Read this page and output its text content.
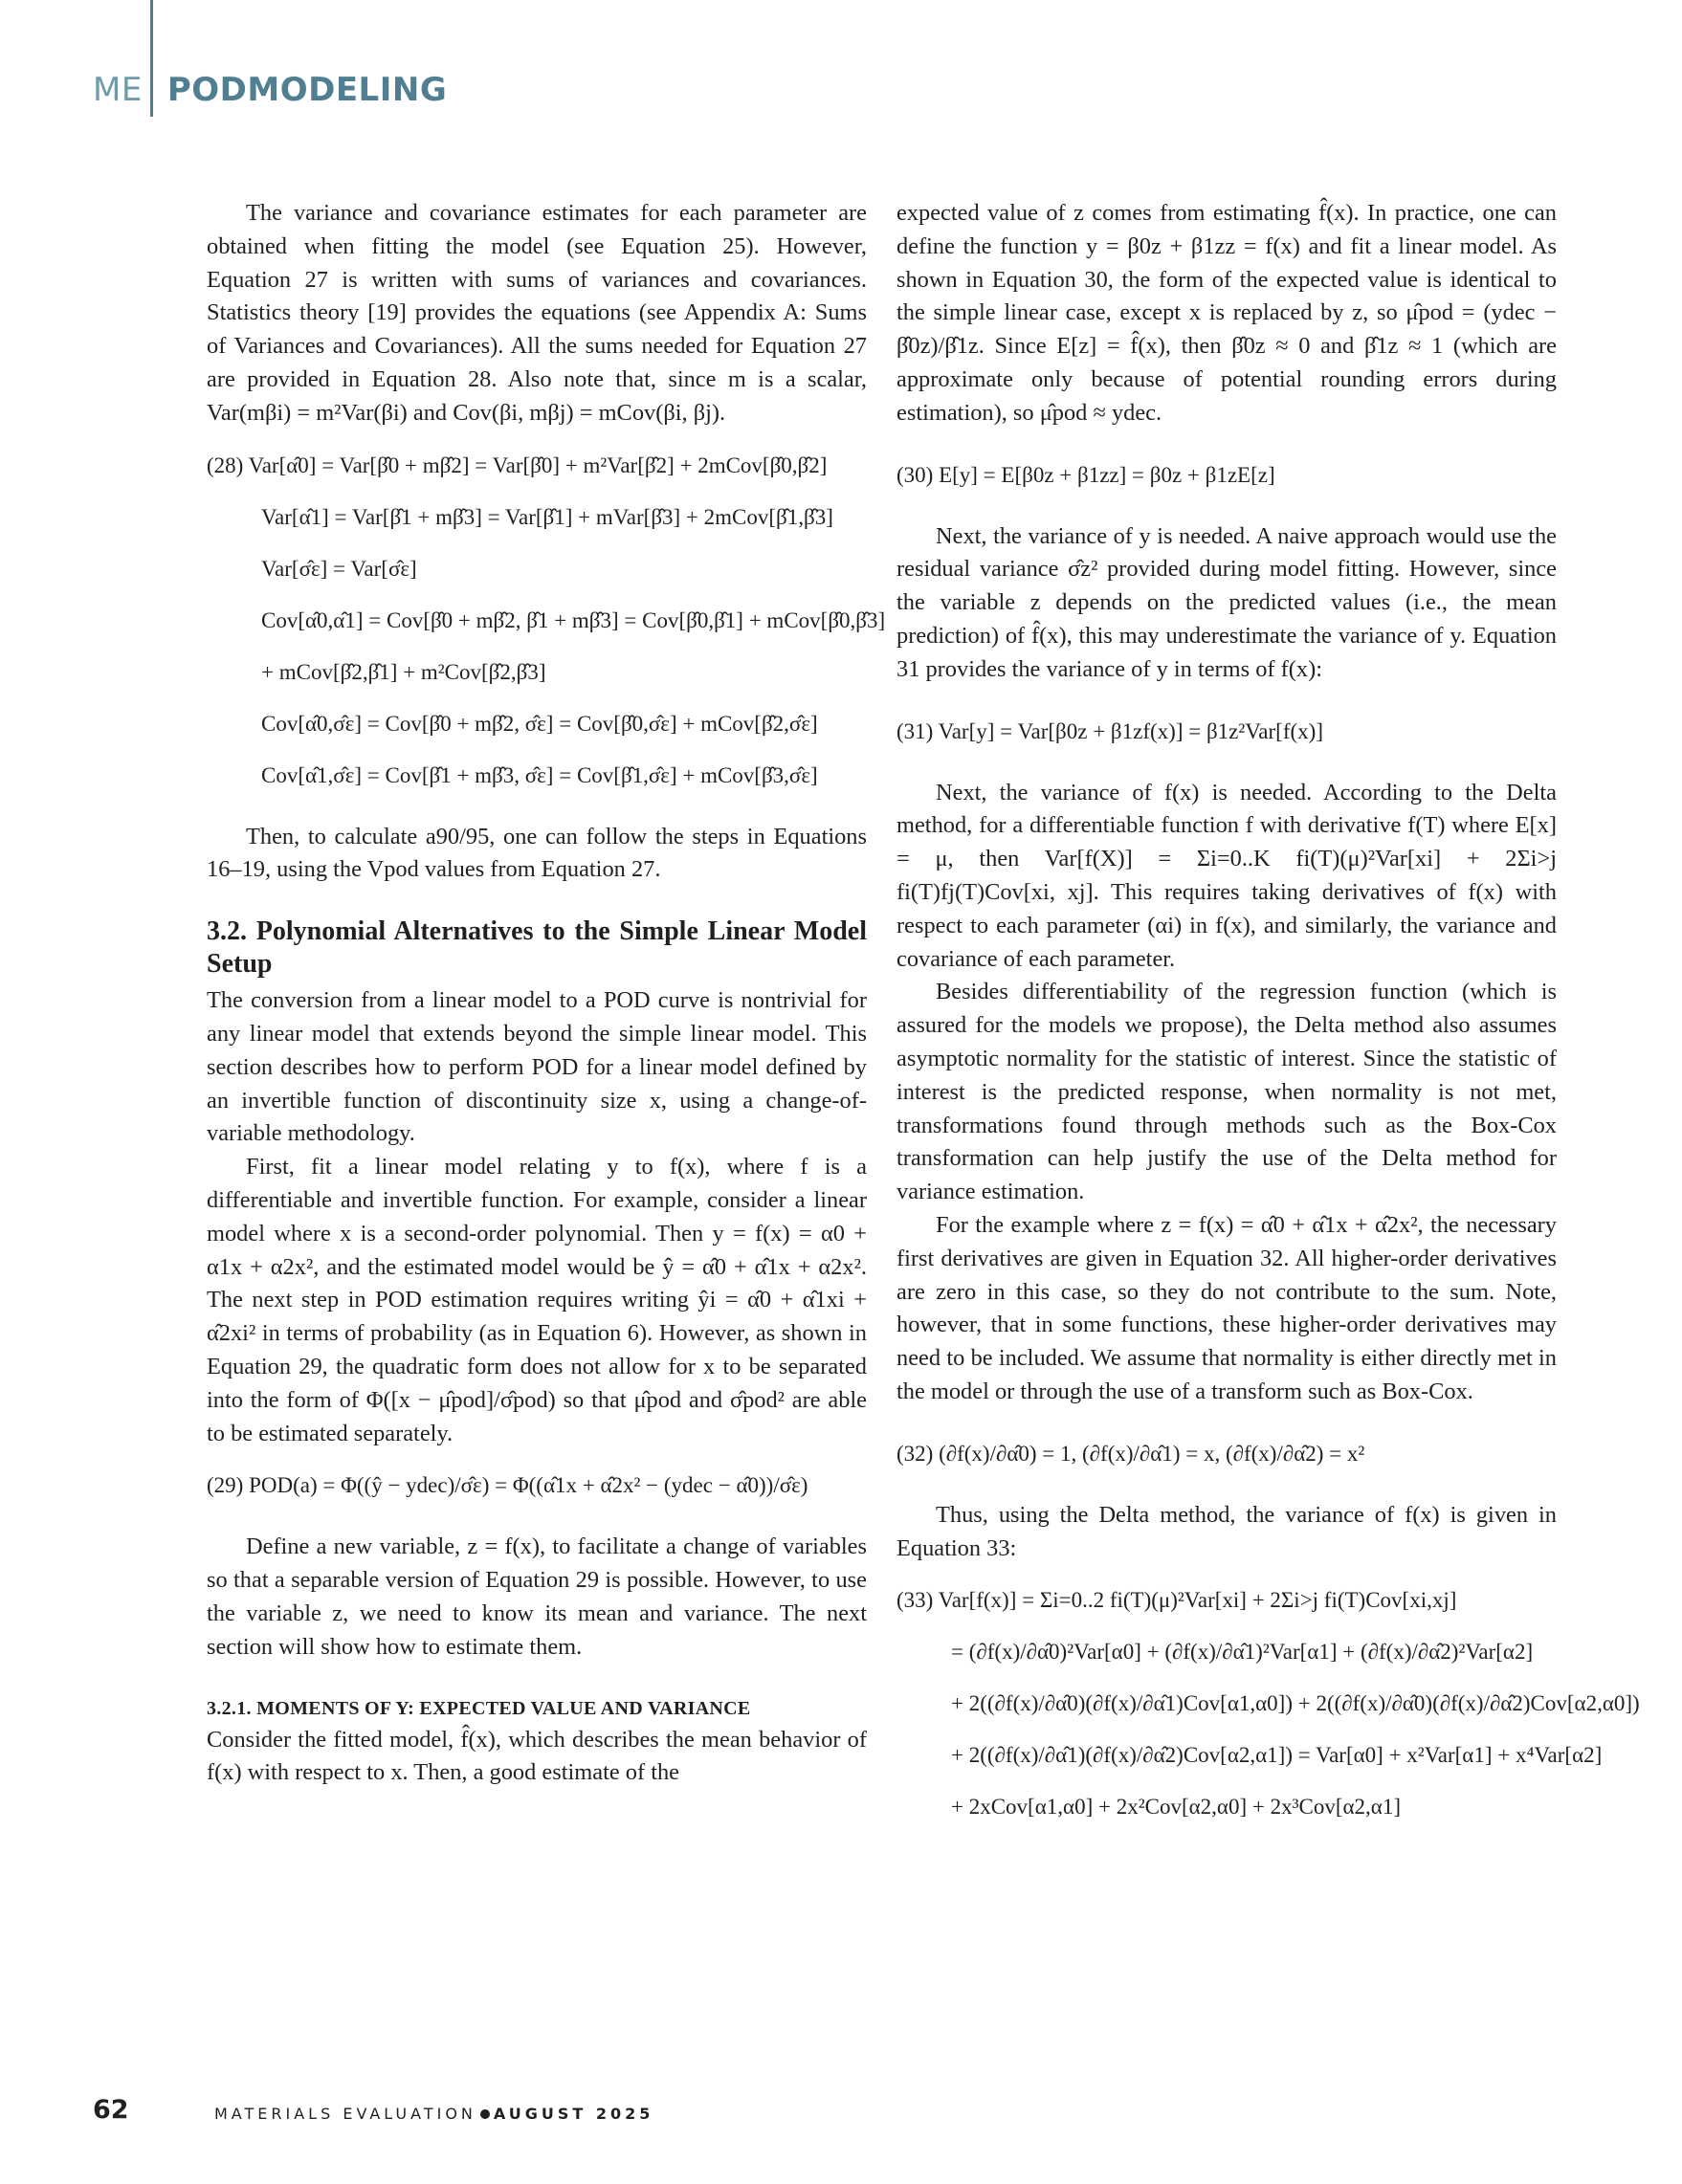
ME PODMODELING

The variance and covariance estimates for each parameter are obtained when fitting the model (see Equation 25). However, Equation 27 is written with sums of variances and covariances. Statistics theory [19] provides the equations (see Appendix A: Sums of Variances and Covariances). All the sums needed for Equation 27 are provided in Equation 28. Also note that, since m is a scalar, Var(mβi) = m²Var(βi) and Cov(βi, mβj) = mCov(βi, βj).

(28) Var[α̂0] = Var[β̂0 + mβ̂2] = Var[β̂0] + m²Var[β̂2] + 2mCov[β̂0,β̂2]

Var[α̂1] = Var[β̂1 + mβ̂3] = Var[β̂1] + mVar[β̂3] + 2mCov[β̂1,β̂3]

Var[σ̂ε] = Var[σ̂ε]

Cov[α̂0,α̂1] = Cov[β̂0 + mβ̂2, β̂1 + mβ̂3] = Cov[β̂0,β̂1] + mCov[β̂0,β̂3]

+ mCov[β̂2,β̂1] + m²Cov[β̂2,β̂3]

Cov[α̂0,σ̂ε] = Cov[β̂0 + mβ̂2, σ̂ε] = Cov[β̂0,σ̂ε] + mCov[β̂2,σ̂ε]

Cov[α̂1,σ̂ε] = Cov[β̂1 + mβ̂3, σ̂ε] = Cov[β̂1,σ̂ε] + mCov[β̂3,σ̂ε]

Then, to calculate a90/95, one can follow the steps in Equations 16–19, using the Vpod values from Equation 27.

3.2. Polynomial Alternatives to the Simple Linear Model Setup

The conversion from a linear model to a POD curve is nontrivial for any linear model that extends beyond the simple linear model. This section describes how to perform POD for a linear model defined by an invertible function of discontinuity size x, using a change-of-variable methodology.

First, fit a linear model relating y to f(x), where f is a differentiable and invertible function. For example, consider a linear model where x is a second-order polynomial. Then y = f(x) = α0 + α1x + α2x², and the estimated model would be ŷ = α̂0 + α̂1x + α2x². The next step in POD estimation requires writing ŷi = α̂0 + α̂1xi + α̂2xi² in terms of probability (as in Equation 6). However, as shown in Equation 29, the quadratic form does not allow for x to be separated into the form of Φ([x − μ̂pod]/σ̂pod) so that μ̂pod and σ̂pod² are able to be estimated separately.

(29) POD(a) = Φ((ŷ − ydec)/σ̂ε) = Φ((α̂1x + α̂2x² − (ydec − α̂0))/σ̂ε)

Define a new variable, z = f(x), to facilitate a change of variables so that a separable version of Equation 29 is possible. However, to use the variable z, we need to know its mean and variance. The next section will show how to estimate them.

3.2.1. MOMENTS OF Y: EXPECTED VALUE AND VARIANCE

Consider the fitted model, f̂(x), which describes the mean behavior of f(x) with respect to x. Then, a good estimate of the

expected value of z comes from estimating f̂(x). In practice, one can define the function y = β0z + β1zz = f(x) and fit a linear model. As shown in Equation 30, the form of the expected value is identical to the simple linear case, except x is replaced by z, so μ̂pod = (ydec − β̂0z)/β̂1z. Since E[z] = f̂(x), then β̂0z ≈ 0 and β̂1z ≈ 1 (which are approximate only because of potential rounding errors during estimation), so μ̂pod ≈ ydec.

(30) E[y] = E[β0z + β1zz] = β0z + β1zE[z]

Next, the variance of y is needed. A naive approach would use the residual variance σ̂z² provided during model fitting. However, since the variable z depends on the predicted values (i.e., the mean prediction) of f̂(x), this may underestimate the variance of y. Equation 31 provides the variance of y in terms of f(x):

(31) Var[y] = Var[β0z + β1zf(x)] = β1z²Var[f(x)]

Next, the variance of f(x) is needed. According to the Delta method, for a differentiable function f with derivative f(T) where E[x] = μ, then Var[f(X)] = Σi=0..K fi(T)(μ)²Var[xi] + 2Σi>j fi(T)fj(T)Cov[xi, xj]. This requires taking derivatives of f(x) with respect to each parameter (αi) in f(x), and similarly, the variance and covariance of each parameter.

Besides differentiability of the regression function (which is assured for the models we propose), the Delta method also assumes asymptotic normality for the statistic of interest. Since the statistic of interest is the predicted response, when normality is not met, transformations found through methods such as the Box-Cox transformation can help justify the use of the Delta method for variance estimation.

For the example where z = f(x) = α̂0 + α̂1x + α̂2x², the necessary first derivatives are given in Equation 32. All higher-order derivatives are zero in this case, so they do not contribute to the sum. Note, however, that in some functions, these higher-order derivatives may need to be included. We assume that normality is either directly met in the model or through the use of a transform such as Box-Cox.

(32) (∂f(x)/∂α̂0) = 1, (∂f(x)/∂α̂1) = x, (∂f(x)/∂α̂2) = x²

Thus, using the Delta method, the variance of f(x) is given in Equation 33:

(33) Var[f(x)] = Σi=0..2 fi(T)(μ)²Var[xi] + 2Σi>j fi(T)Cov[xi,xj]

= (∂f(x)/∂α̂0)²Var[α0] + (∂f(x)/∂α̂1)²Var[α1] + (∂f(x)/∂α̂2)²Var[α2]

+ 2((∂f(x)/∂α̂0)(∂f(x)/∂α̂1)Cov[α1,α0]) + 2((∂f(x)/∂α̂0)(∂f(x)/∂α̂2)Cov[α2,α0])

+ 2((∂f(x)/∂α̂1)(∂f(x)/∂α̂2)Cov[α2,α1]) = Var[α0] + x²Var[α1] + x⁴Var[α2]

+ 2xCov[α1,α0] + 2x²Cov[α2,α0] + 2x³Cov[α2,α1]

62	MATERIALS EVALUATION AUGUST 2025
